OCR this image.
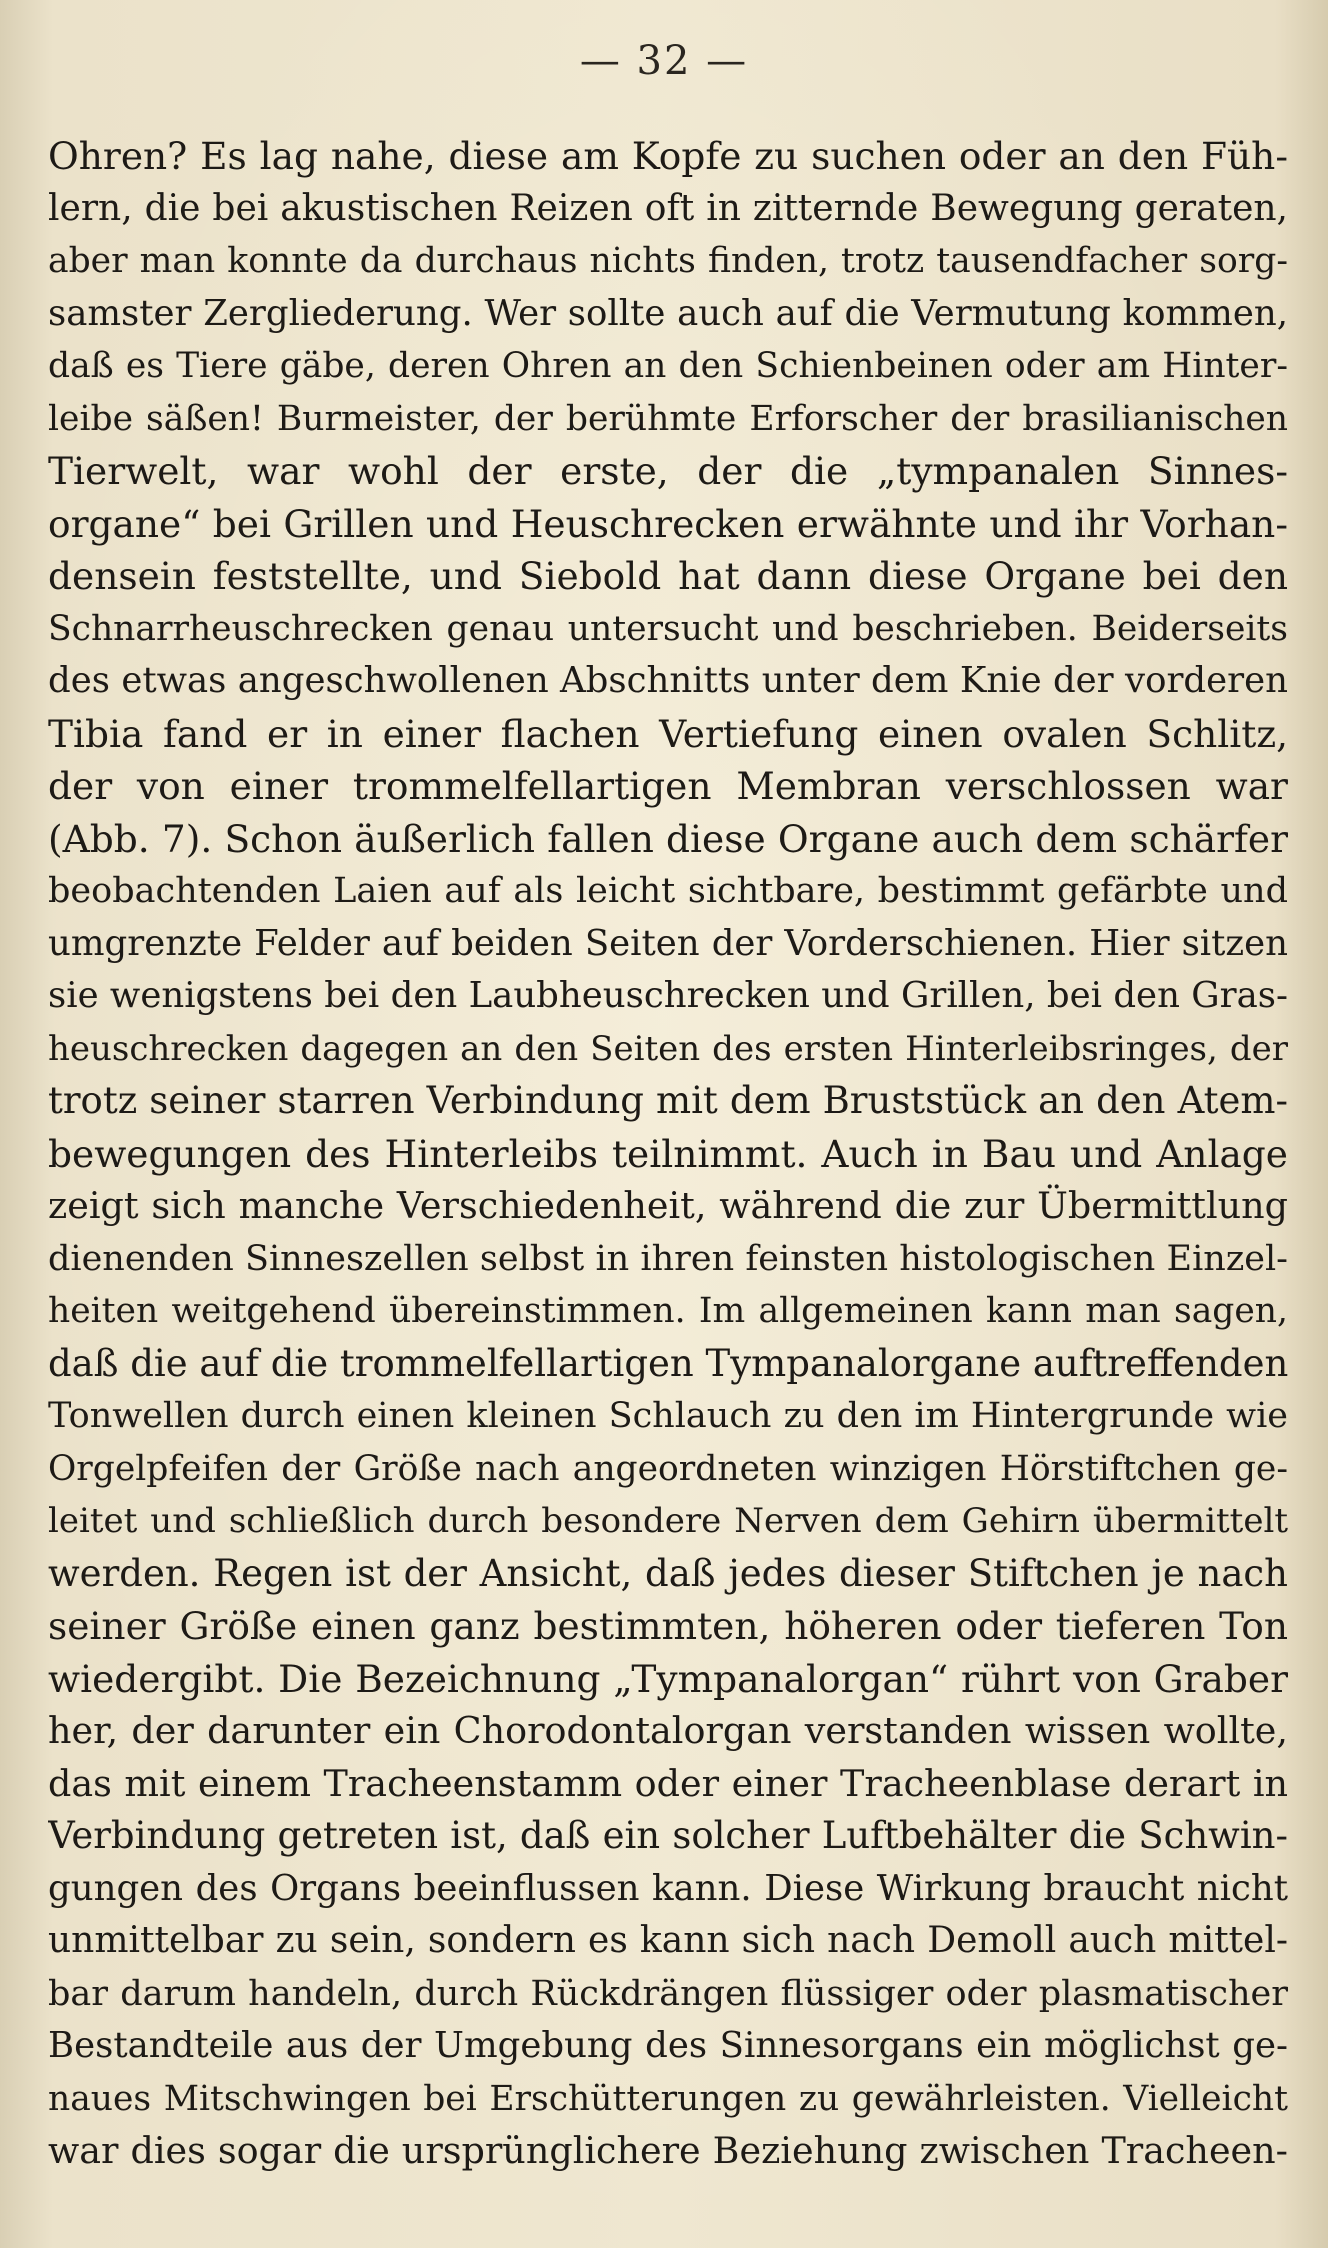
— 32 —
Ohren? Es lag nahe, diese am Kopfe zu suchen oder an den Füh-
lern, die bei akustischen Reizen oft in zitternde Bewegung geraten,
aber man konnte da durchaus nichts finden, trotz tausendfacher sorg-
samster Zergliederung. Wer sollte auch auf die Vermutung kommen,
daß es Tiere gäbe, deren Ohren an den Schienbeinen oder am Hinter-
leibe säßen! Burmeister, der berühmte Erforscher der brasilianischen
Tierwelt, war wohl der erste, der die „tympanalen Sinnes-
organe“ bei Grillen und Heuschrecken erwähnte und ihr Vorhan-
densein feststellte, und Siebold hat dann diese Organe bei den
Schnarrheuschrecken genau untersucht und beschrieben. Beiderseits
des etwas angeschwollenen Abschnitts unter dem Knie der vorderen
Tibia fand er in einer flachen Vertiefung einen ovalen Schlitz,
der von einer trommelfellartigen Membran verschlossen war
(Abb. 7). Schon äußerlich fallen diese Organe auch dem schärfer
beobachtenden Laien auf als leicht sichtbare, bestimmt gefärbte und
umgrenzte Felder auf beiden Seiten der Vorderschienen. Hier sitzen
sie wenigstens bei den Laubheuschrecken und Grillen, bei den Gras-
heuschrecken dagegen an den Seiten des ersten Hinterleibsringes, der
trotz seiner starren Verbindung mit dem Bruststück an den Atem-
bewegungen des Hinterleibs teilnimmt. Auch in Bau und Anlage
zeigt sich manche Verschiedenheit, während die zur Übermittlung
dienenden Sinneszellen selbst in ihren feinsten histologischen Einzel-
heiten weitgehend übereinstimmen. Im allgemeinen kann man sagen,
daß die auf die trommelfellartigen Tympanalorgane auftreffenden
Tonwellen durch einen kleinen Schlauch zu den im Hintergrunde wie
Orgelpfeifen der Größe nach angeordneten winzigen Hörstiftchen ge-
leitet und schließlich durch besondere Nerven dem Gehirn übermittelt
werden. Regen ist der Ansicht, daß jedes dieser Stiftchen je nach
seiner Größe einen ganz bestimmten, höheren oder tieferen Ton
wiedergibt. Die Bezeichnung „Tympanalorgan“ rührt von Graber
her, der darunter ein Chorodontalorgan verstanden wissen wollte,
das mit einem Tracheenstamm oder einer Tracheenblase derart in
Verbindung getreten ist, daß ein solcher Luftbehälter die Schwin-
gungen des Organs beeinflussen kann. Diese Wirkung braucht nicht
unmittelbar zu sein, sondern es kann sich nach Demoll auch mittel-
bar darum handeln, durch Rückdrängen flüssiger oder plasmatischer
Bestandteile aus der Umgebung des Sinnesorgans ein möglichst ge-
naues Mitschwingen bei Erschütterungen zu gewährleisten. Vielleicht
war dies sogar die ursprünglichere Beziehung zwischen Tracheen-
